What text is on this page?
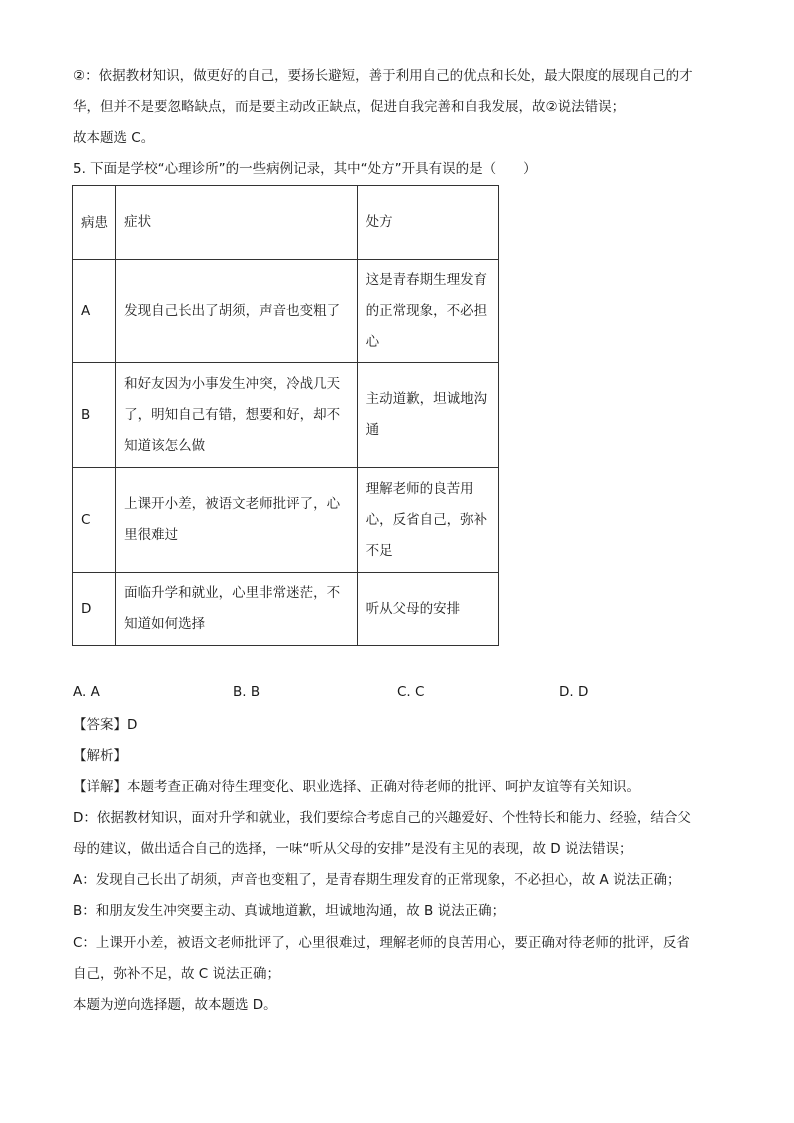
②：依据教材知识，做更好的自己，要扬长避短，善于利用自己的优点和长处，最大限度的展现自己的才
华，但并不是要忽略缺点，而是要主动改正缺点，促进自我完善和自我发展，故②说法错误；
故本题选 C。
5. 下面是学校“心理诊所”的一些病例记录，其中“处方”开具有误的是（　　）
病患	症状	处方
A	发现自己长出了胡须，声音也变粗了	这是青春期生理发育的正常现象，不必担心
B	和好友因为小事发生冲突，冷战几天了，明知自己有错，想要和好，却不知道该怎么做	主动道歉，坦诚地沟通
C	上课开小差，被语文老师批评了，心里很难过	理解老师的良苦用心，反省自己，弥补不足
D	面临升学和就业，心里非常迷茫，不知道如何选择	听从父母的安排
A. A	B. B	C. C	D. D
【答案】D
【解析】
【详解】本题考查正确对待生理变化、职业选择、正确对待老师的批评、呵护友谊等有关知识。
D：依据教材知识，面对升学和就业，我们要综合考虑自己的兴趣爱好、个性特长和能力、经验，结合父
母的建议，做出适合自己的选择，一味“听从父母的安排”是没有主见的表现，故 D 说法错误；
A：发现自己长出了胡须，声音也变粗了，是青春期生理发育的正常现象，不必担心，故 A 说法正确；
B：和朋友发生冲突要主动、真诚地道歉，坦诚地沟通，故 B 说法正确；
C：上课开小差，被语文老师批评了，心里很难过，理解老师的良苦用心，要正确对待老师的批评，反省
自己，弥补不足，故 C 说法正确；
本题为逆向选择题，故本题选 D。
